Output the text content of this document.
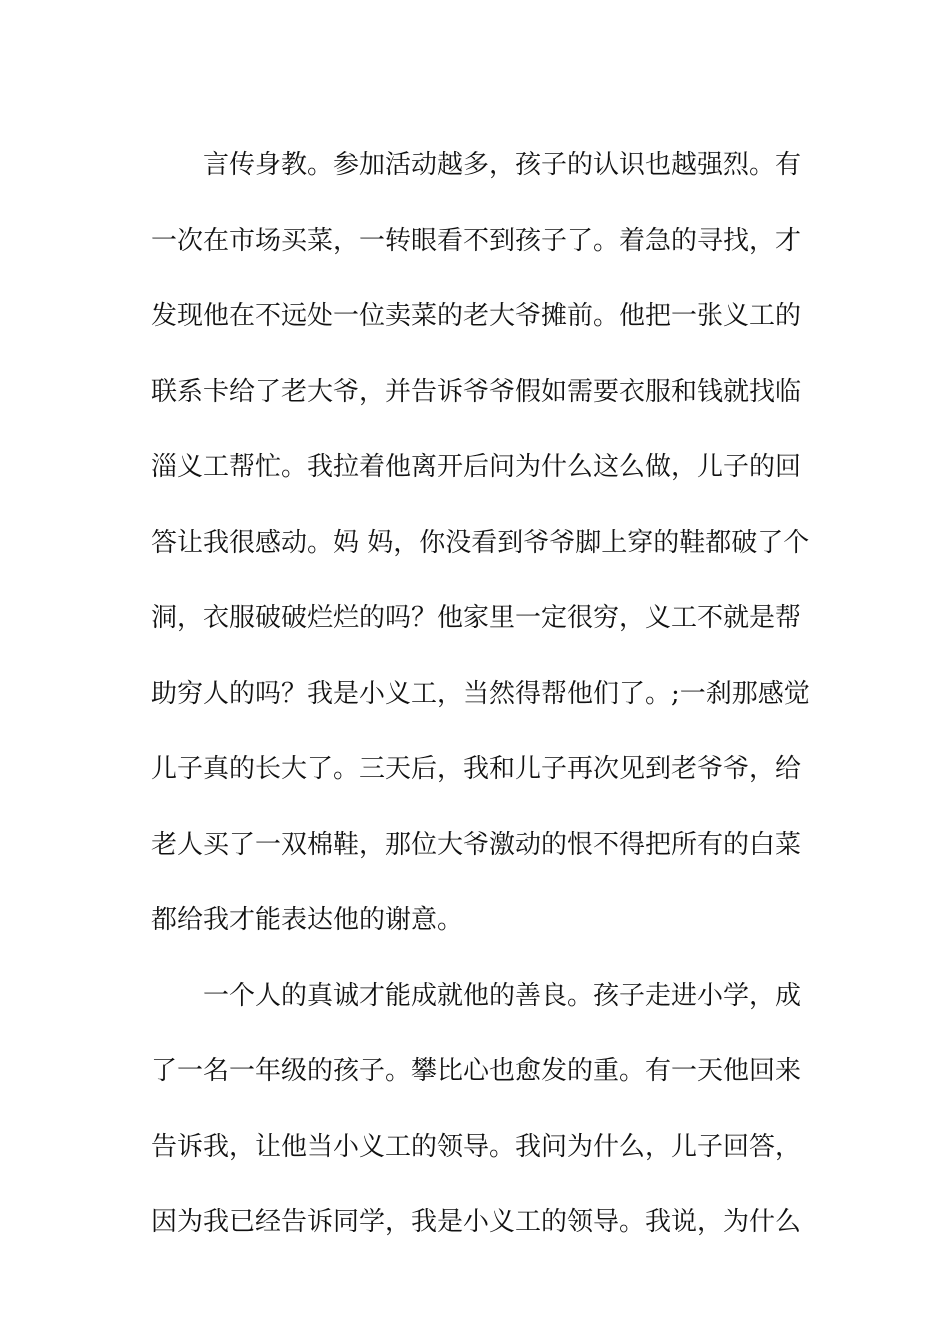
言传身教。参加活动越多，孩子的认识也越强烈。有
一次在市场买菜，一转眼看不到孩子了。着急的寻找，才
发现他在不远处一位卖菜的老大爷摊前。他把一张义工的
联系卡给了老大爷，并告诉爷爷假如需要衣服和钱就找临
淄义工帮忙。我拉着他离开后问为什么这么做，儿子的回
答让我很感动。妈 妈，你没看到爷爷脚上穿的鞋都破了个
洞，衣服破破烂烂的吗？他家里一定很穷，义工不就是帮
助穷人的吗？我是小义工，当然得帮他们了。;一刹那感觉
儿子真的长大了。三天后，我和儿子再次见到老爷爷，给
老人买了一双棉鞋，那位大爷激动的恨不得把所有的白菜
都给我才能表达他的谢意。
一个人的真诚才能成就他的善良。孩子走进小学，成
了一名一年级的孩子。攀比心也愈发的重。有一天他回来
告诉我，让他当小义工的领导。我问为什么，儿子回答，
因为我已经告诉同学，我是小义工的领导。我说，为什么
